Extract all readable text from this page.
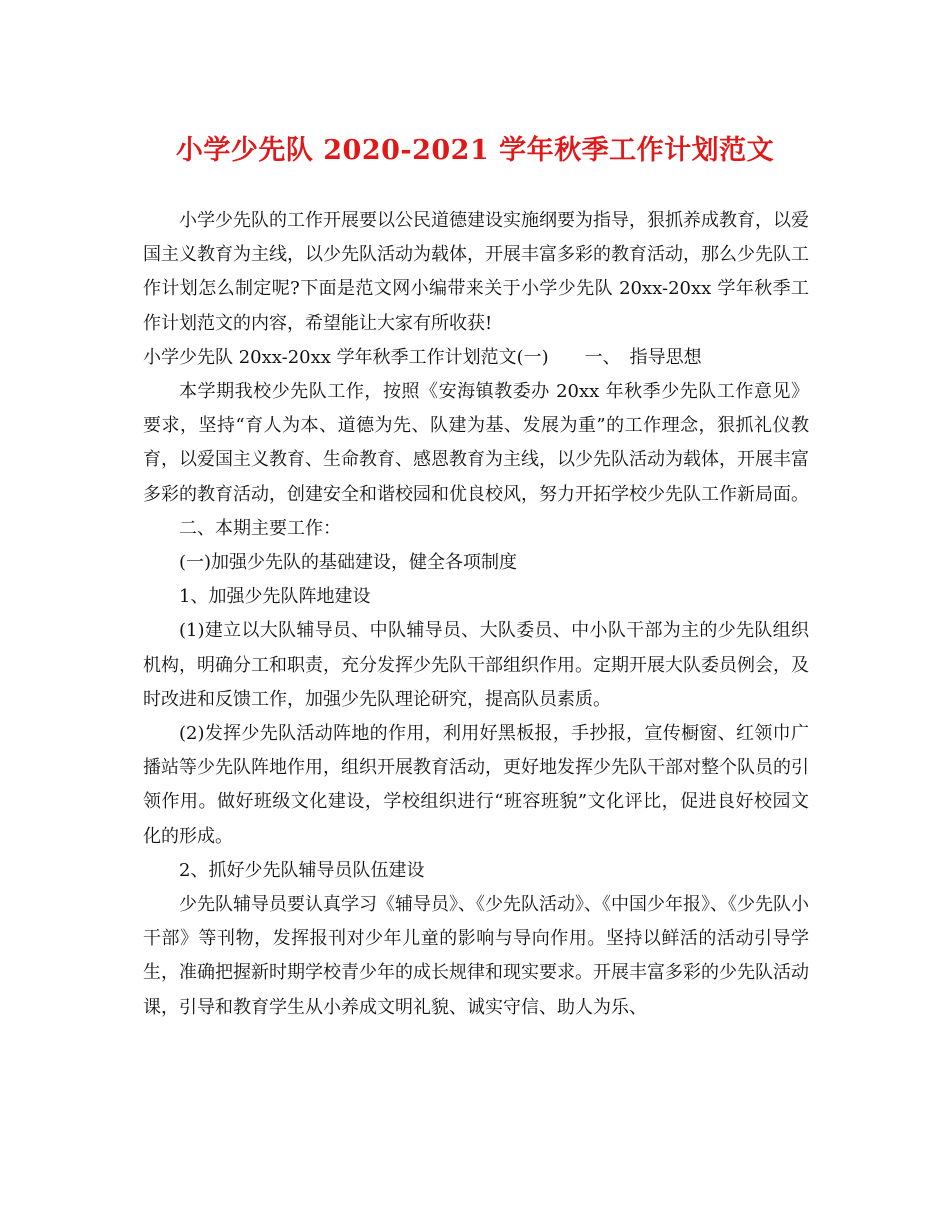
小学少先队 2020-2021 学年秋季工作计划范文

小学少先队的工作开展要以公民道德建设实施纲要为指导，狠抓养成教育，以爱国主义教育为主线，以少先队活动为载体，开展丰富多彩的教育活动，那么少先队工作计划怎么制定呢?下面是范文网小编带来关于小学少先队 20xx-20xx 学年秋季工作计划范文的内容，希望能让大家有所收获!

小学少先队 20xx-20xx 学年秋季工作计划范文(一)　　一、　指导思想

本学期我校少先队工作，按照《安海镇教委办 20xx 年秋季少先队工作意见》要求，坚持“育人为本、道德为先、队建为基、发展为重”的工作理念，狠抓礼仪教育，以爱国主义教育、生命教育、感恩教育为主线，以少先队活动为载体，开展丰富多彩的教育活动，创建安全和谐校园和优良校风，努力开拓学校少先队工作新局面。

二、本期主要工作：

(一)加强少先队的基础建设，健全各项制度

1、加强少先队阵地建设

(1)建立以大队辅导员、中队辅导员、大队委员、中小队干部为主的少先队组织机构，明确分工和职责，充分发挥少先队干部组织作用。定期开展大队委员例会，及时改进和反馈工作，加强少先队理论研究，提高队员素质。

(2)发挥少先队活动阵地的作用，利用好黑板报，手抄报，宣传橱窗、红领巾广播站等少先队阵地作用，组织开展教育活动，更好地发挥少先队干部对整个队员的引领作用。做好班级文化建设，学校组织进行“班容班貌”文化评比，促进良好校园文化的形成。

2、抓好少先队辅导员队伍建设

少先队辅导员要认真学习《辅导员》、《少先队活动》、《中国少年报》、《少先队小干部》等刊物，发挥报刊对少年儿童的影响与导向作用。坚持以鲜活的活动引导学生，准确把握新时期学校青少年的成长规律和现实要求。开展丰富多彩的少先队活动课，引导和教育学生从小养成文明礼貌、诚实守信、助人为乐、
